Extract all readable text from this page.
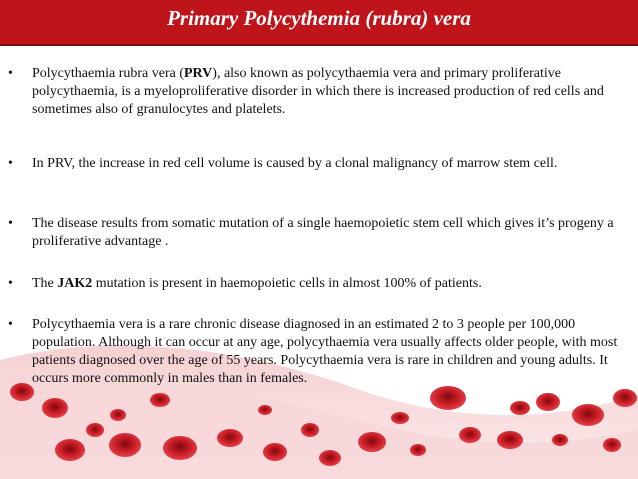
Primary Polycythemia (rubra) vera
• Polycythaemia rubra vera (PRV), also known as polycythaemia vera and primary proliferative polycythaemia, is a myeloproliferative disorder in which there is increased production of red cells and sometimes also of granulocytes and platelets.
• In PRV, the increase in red cell volume is caused by a clonal malignancy of marrow stem cell.
• The disease results from somatic mutation of a single haemopoietic stem cell which gives it’s progeny a proliferative advantage .
• The JAK2 mutation is present in haemopoietic cells in almost 100% of patients.
• Polycythaemia vera is a rare chronic disease diagnosed in an estimated 2 to 3 people per 100,000 population. Although it can occur at any age, polycythaemia vera usually affects older people, with most patients diagnosed over the age of 55 years. Polycythaemia vera is rare in children and young adults. It occurs more commonly in males than in females.
